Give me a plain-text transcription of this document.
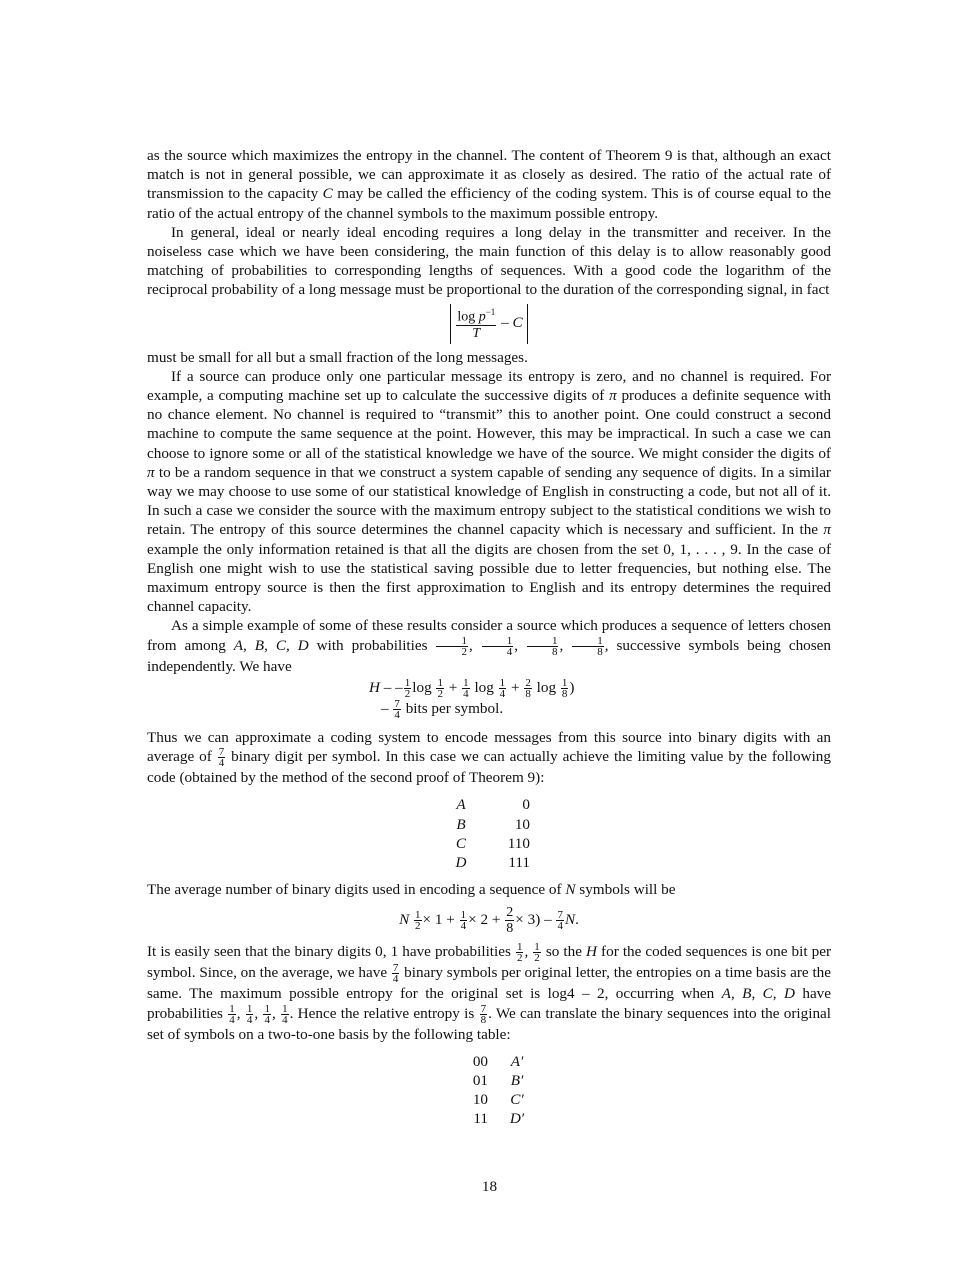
as the source which maximizes the entropy in the channel. The content of Theorem 9 is that, although an exact match is not in general possible, we can approximate it as closely as desired. The ratio of the actual rate of transmission to the capacity C may be called the efficiency of the coding system. This is of course equal to the ratio of the actual entropy of the channel symbols to the maximum possible entropy.

In general, ideal or nearly ideal encoding requires a long delay in the transmitter and receiver. In the noiseless case which we have been considering, the main function of this delay is to allow reasonably good matching of probabilities to corresponding lengths of sequences. With a good code the logarithm of the reciprocal probability of a long message must be proportional to the duration of the corresponding signal, in fact

$\frac{\log p^{-1}}{T}$ – C

must be small for all but a small fraction of the long messages.

If a source can produce only one particular message its entropy is zero, and no channel is required. For example, a computing machine set up to calculate the successive digits of π produces a definite sequence with no chance element. No channel is required to “transmit” this to another point. One could construct a second machine to compute the same sequence at the point. However, this may be impractical. In such a case we can choose to ignore some or all of the statistical knowledge we have of the source. We might consider the digits of π to be a random sequence in that we construct a system capable of sending any sequence of digits. In a similar way we may choose to use some of our statistical knowledge of English in constructing a code, but not all of it. In such a case we consider the source with the maximum entropy subject to the statistical conditions we wish to retain. The entropy of this source determines the channel capacity which is necessary and sufficient. In the π example the only information retained is that all the digits are chosen from the set 0, 1, . . . , 9. In the case of English one might wish to use the statistical saving possible due to letter frequencies, but nothing else. The maximum entropy source is then the first approximation to English and its entropy determines the required channel capacity.

As a simple example of some of these results consider a source which produces a sequence of letters chosen from among A, B, C, D with probabilities $\frac{1}{2}$ , $\frac{1}{4}$ , $\frac{1}{8}$ , $\frac{1}{8}$ , successive symbols being chosen independently. We have

H – – $\frac{1}{2}$ $\log \frac{1}{2} + \frac{1}{4}$ $\log \frac{1}{4} + \frac{2}{8}$ $\log \frac{1}{8}$ )
– $\frac{7}{4}$ bits per symbol.

Thus we can approximate a coding system to encode messages from this source into binary digits with an average of $\frac{7}{4}$ binary digit per symbol. In this case we can actually achieve the limiting value by the following code (obtained by the method of the second proof of Theorem 9):

A	0
B	10
C	110
D	111

The average number of binary digits used in encoding a sequence of N symbols will be

N $\frac{1}{2} \times 1 + \frac{1}{4} \times 2 + \frac{2}{8} \times 3) - \frac{7}{4} N$.

It is easily seen that the binary digits 0, 1 have probabilities $\frac{1}{2}$ , $\frac{1}{2}$ so the H for the coded sequences is one bit per symbol. Since, on the average, we have $\frac{7}{4}$ binary symbols per original letter, the entropies on a time basis are the same. The maximum possible entropy for the original set is log4 – 2, occurring when A, B, C, D have probabilities $\frac{1}{4}$ , $\frac{1}{4}$ , $\frac{1}{4}$ , $\frac{1}{4}$ . Hence the relative entropy is $\frac{7}{8}$ . We can translate the binary sequences into the original set of symbols on a two-to-one basis by the following table:

00	A′
01	B′
10	C′
11	D′
18
